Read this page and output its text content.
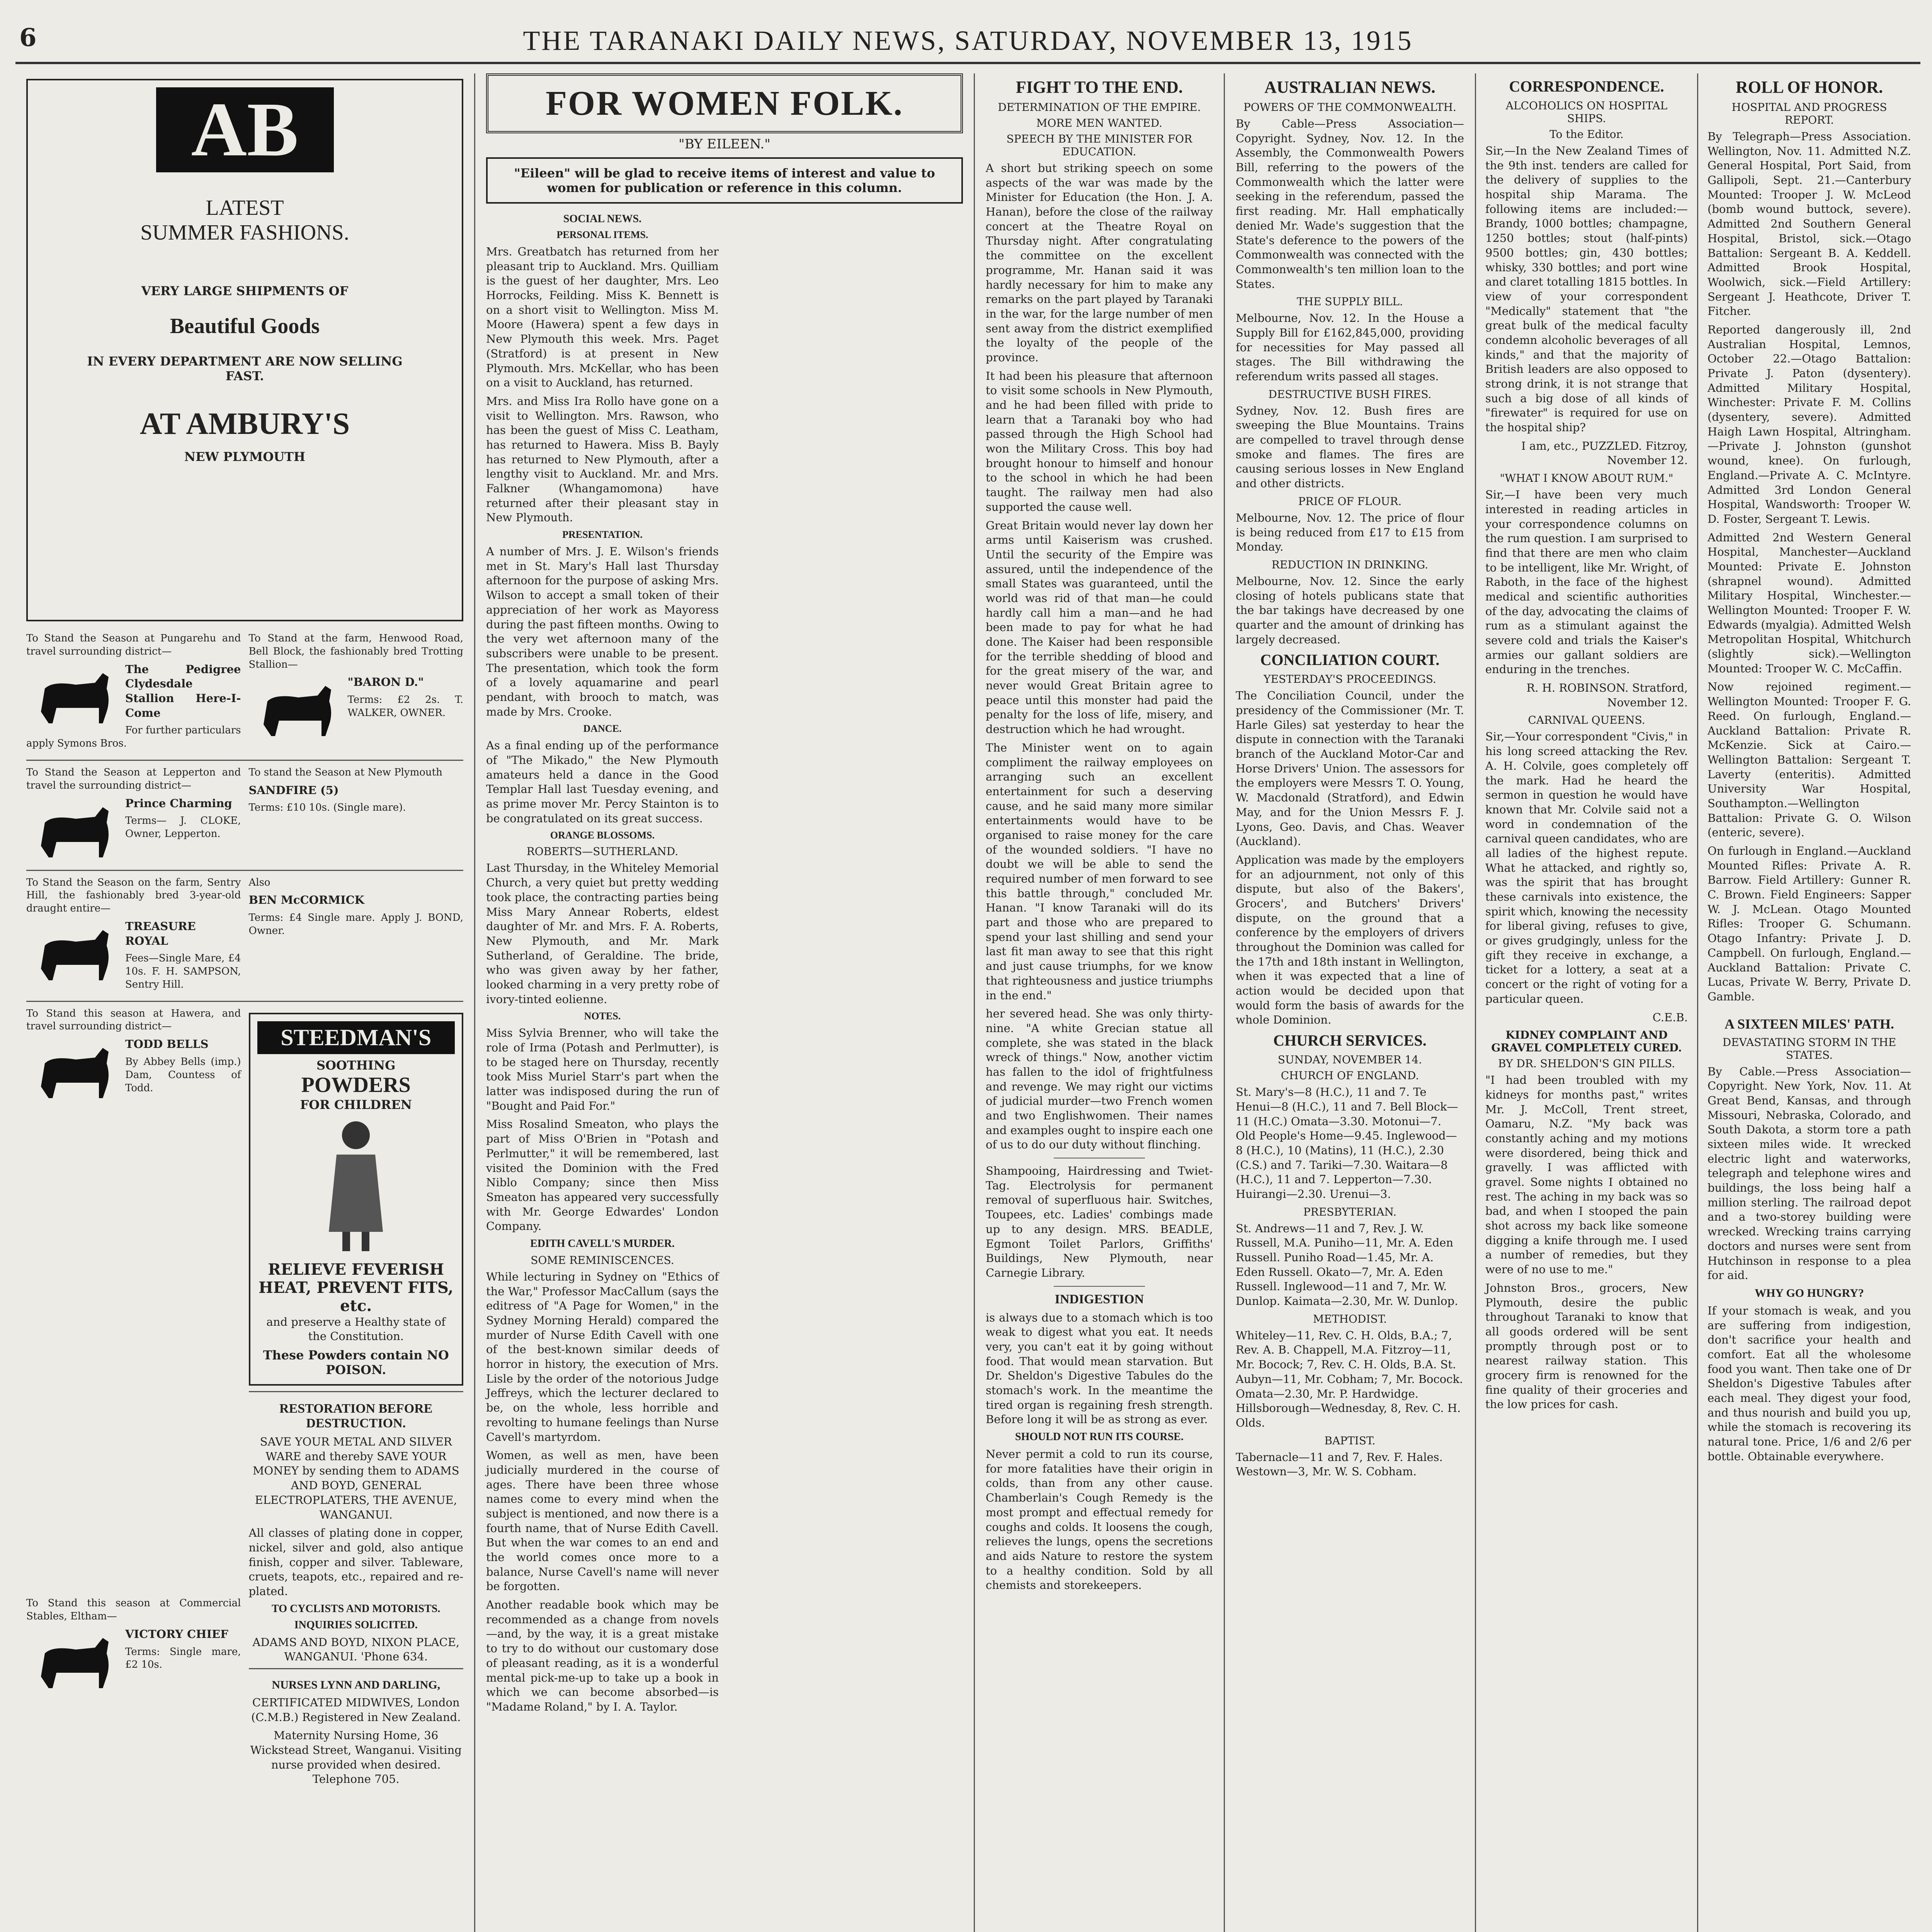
6	THE TARANAKI DAILY NEWS, SATURDAY, NOVEMBER 13, 1915
AB
LATEST
SUMMER FASHIONS.
VERY LARGE SHIPMENTS OF
Beautiful Goods
IN EVERY DEPARTMENT ARE NOW SELLING FAST.
AT AMBURY'S
NEW PLYMOUTH
To Stand the Season at Pungarehu and travel surrounding district—
The Pedigree Clydesdale Stallion Here-I-Come
For further particulars apply Symons Bros.
To Stand at the farm, Henwood Road, Bell Block, the fashionably bred Trotting Stallion—
"BARON D."
Terms: £2 2s. T. WALKER, OWNER.
To Stand the Season at Lepperton and travel the surrounding district—
Prince Charming
Terms— J. CLOKE, Owner, Lepperton.
To stand the Season at New Plymouth
SANDFIRE (5)
Terms: £10 10s. (Single mare).
To Stand the Season on the farm, Sentry Hill, the fashionably bred 3-year-old draught entire—
TREASURE ROYAL
Fees—Single Mare, £4 10s. F. H. SAMPSON, Sentry Hill.
Also
BEN McCORMICK
Terms: £4 Single mare. Apply J. BOND, Owner.
To Stand this season at Hawera, and travel surrounding district—
TODD BELLS
By Abbey Bells (imp.) Dam, Countess of Todd.
To Stand this season at Commercial Stables, Eltham—
VICTORY CHIEF
Terms: Single mare, £2 10s.
STEEDMAN'S
SOOTHING
POWDERS
FOR CHILDREN
RELIEVE FEVERISH HEAT, PREVENT FITS, etc.
and preserve a Healthy state of the Constitution.
These Powders contain NO POISON.
RESTORATION BEFORE DESTRUCTION.
SAVE YOUR METAL AND SILVER WARE and thereby SAVE YOUR MONEY by sending them to ADAMS AND BOYD, GENERAL ELECTROPLATERS, THE AVENUE, WANGANUI.
All classes of plating done in copper, nickel, silver and gold, also antique finish, copper and silver. Tableware, cruets, teapots, etc., repaired and re-plated.
TO CYCLISTS AND MOTORISTS.
INQUIRIES SOLICITED.
ADAMS AND BOYD, NIXON PLACE, WANGANUI. 'Phone 634.
NURSES LYNN AND DARLING,
CERTIFICATED MIDWIVES, London (C.M.B.) Registered in New Zealand.
Maternity Nursing Home, 36 Wickstead Street, Wanganui. Visiting nurse provided when desired. Telephone 705.
FOR WOMEN FOLK.
"BY EILEEN."
"Eileen" will be glad to receive items of interest and value to women for publication or reference in this column.
SOCIAL NEWS.
PERSONAL ITEMS.

Mrs. Greatbatch has returned from her pleasant trip to Auckland. Mrs. Quilliam is the guest of her daughter, Mrs. Leo Horrocks, Feilding. Miss K. Bennett is on a short visit to Wellington. Miss M. Moore (Hawera) spent a few days in New Plymouth this week. Mrs. Paget (Stratford) is at present in New Plymouth. Mrs. McKellar, who has been on a visit to Auckland, has returned.

Mrs. and Miss Ira Rollo have gone on a visit to Wellington. Mrs. Rawson, who has been the guest of Miss C. Leatham, has returned to Hawera. Miss B. Bayly has returned to New Plymouth, after a lengthy visit to Auckland. Mr. and Mrs. Falkner (Whangamomona) have returned after their pleasant stay in New Plymouth.

PRESENTATION.

A number of Mrs. J. E. Wilson's friends met in St. Mary's Hall last Thursday afternoon for the purpose of asking Mrs. Wilson to accept a small token of their appreciation of her work as Mayoress during the past fifteen months. Owing to the very wet afternoon many of the subscribers were unable to be present. The presentation, which took the form of a lovely aquamarine and pearl pendant, with brooch to match, was made by Mrs. Crooke.

DANCE.

As a final ending up of the performance of "The Mikado," the New Plymouth amateurs held a dance in the Good Templar Hall last Tuesday evening, and as prime mover Mr. Percy Stainton is to be congratulated on its great success.

ORANGE BLOSSOMS.
ROBERTS—SUTHERLAND.

Last Thursday, in the Whiteley Memorial Church, a very quiet but pretty wedding took place, the contracting parties being Miss Mary Annear Roberts, eldest daughter of Mr. and Mrs. F. A. Roberts, New Plymouth, and Mr. Mark Sutherland, of Geraldine. The bride, who was given away by her father, looked charming in a very pretty robe of ivory-tinted eolienne.

NOTES.

Miss Sylvia Brenner, who will take the role of Irma (Potash and Perlmutter), is to be staged here on Thursday, recently took Miss Muriel Starr's part when the latter was indisposed during the run of "Bought and Paid For."

Miss Rosalind Smeaton, who plays the part of Miss O'Brien in "Potash and Perlmutter," it will be remembered, last visited the Dominion with the Fred Niblo Company; since then Miss Smeaton has appeared very successfully with Mr. George Edwardes' London Company.

EDITH CAVELL'S MURDER.
SOME REMINISCENCES.

While lecturing in Sydney on "Ethics of the War," Professor MacCallum (says the editress of "A Page for Women," in the Sydney Morning Herald) compared the murder of Nurse Edith Cavell with one of the best-known similar deeds of horror in history, the execution of Mrs. Lisle by the order of the notorious Judge Jeffreys, which the lecturer declared to be, on the whole, less horrible and revolting to humane feelings than Nurse Cavell's martyrdom.

Women, as well as men, have been judicially murdered in the course of ages. There have been three whose names come to every mind when the subject is mentioned, and now there is a fourth name, that of Nurse Edith Cavell. But when the war comes to an end and the world comes once more to a balance, Nurse Cavell's name will never be forgotten.

Another readable book which may be recommended as a change from novels—and, by the way, it is a great mistake to try to do without our customary dose of pleasant reading, as it is a wonderful mental pick-me-up to take up a book in which we can become absorbed—is "Madame Roland," by I. A. Taylor.

FIGHT TO THE END.
DETERMINATION OF THE EMPIRE.
MORE MEN WANTED.
SPEECH BY THE MINISTER FOR EDUCATION.

A short but striking speech on some aspects of the war was made by the Minister for Education (the Hon. J. A. Hanan), before the close of the railway concert at the Theatre Royal on Thursday night. After congratulating the committee on the excellent programme, Mr. Hanan said it was hardly necessary for him to make any remarks on the part played by Taranaki in the war, for the large number of men sent away from the district exemplified the loyalty of the people of the province.

It had been his pleasure that afternoon to visit some schools in New Plymouth, and he had been filled with pride to learn that a Taranaki boy who had passed through the High School had won the Military Cross. This boy had brought honour to himself and honour to the school in which he had been taught. The railway men had also supported the cause well.

Great Britain would never lay down her arms until Kaiserism was crushed. Until the security of the Empire was assured, until the independence of the small States was guaranteed, until the world was rid of that man—he could hardly call him a man—and he had been made to pay for what he had done. The Kaiser had been responsible for the terrible shedding of blood and for the great misery of the war, and never would Great Britain agree to peace until this monster had paid the penalty for the loss of life, misery, and destruction which he had wrought.

The Minister went on to again compliment the railway employees on arranging such an excellent entertainment for such a deserving cause, and he said many more similar entertainments would have to be organised to raise money for the care of the wounded soldiers. "I have no doubt we will be able to send the required number of men forward to see this battle through," concluded Mr. Hanan. "I know Taranaki will do its part and those who are prepared to spend your last shilling and send your last fit man away to see that this right and just cause triumphs, for we know that righteousness and justice triumphs in the end."

her severed head. She was only thirty-nine. "A white Grecian statue all complete, she was stated in the black wreck of things." Now, another victim has fallen to the idol of frightfulness and revenge. We may right our victims of judicial murder—two French women and two Englishwomen. Their names and examples ought to inspire each one of us to do our duty without flinching.

Shampooing, Hairdressing and Twiet-Tag. Electrolysis for permanent removal of superfluous hair. Switches, Toupees, etc. Ladies' combings made up to any design. MRS. BEADLE, Egmont Toilet Parlors, Griffiths' Buildings, New Plymouth, near Carnegie Library.

INDIGESTION

is always due to a stomach which is too weak to digest what you eat. It needs very, you can't eat it by going without food. That would mean starvation. But Dr. Sheldon's Digestive Tabules do the stomach's work. In the meantime the tired organ is regaining fresh strength. Before long it will be as strong as ever.

SHOULD NOT RUN ITS COURSE.

Never permit a cold to run its course, for more fatalities have their origin in colds, than from any other cause. Chamberlain's Cough Remedy is the most prompt and effectual remedy for coughs and colds. It loosens the cough, relieves the lungs, opens the secretions and aids Nature to restore the system to a healthy condition. Sold by all chemists and storekeepers.

AUSTRALIAN NEWS.
POWERS OF THE COMMONWEALTH.

By Cable—Press Association—Copyright. Sydney, Nov. 12. In the Assembly, the Commonwealth Powers Bill, referring to the powers of the Commonwealth which the latter were seeking in the referendum, passed the first reading. Mr. Hall emphatically denied Mr. Wade's suggestion that the State's deference to the powers of the Commonwealth was connected with the Commonwealth's ten million loan to the States.

THE SUPPLY BILL.

Melbourne, Nov. 12. In the House a Supply Bill for £162,845,000, providing for necessities for May passed all stages. The Bill withdrawing the referendum writs passed all stages.

DESTRUCTIVE BUSH FIRES.

Sydney, Nov. 12. Bush fires are sweeping the Blue Mountains. Trains are compelled to travel through dense smoke and flames. The fires are causing serious losses in New England and other districts.

PRICE OF FLOUR.

Melbourne, Nov. 12. The price of flour is being reduced from £17 to £15 from Monday.

REDUCTION IN DRINKING.

Melbourne, Nov. 12. Since the early closing of hotels publicans state that the bar takings have decreased by one quarter and the amount of drinking has largely decreased.

CONCILIATION COURT.
YESTERDAY'S PROCEEDINGS.

The Conciliation Council, under the presidency of the Commissioner (Mr. T. Harle Giles) sat yesterday to hear the dispute in connection with the Taranaki branch of the Auckland Motor-Car and Horse Drivers' Union. The assessors for the employers were Messrs T. O. Young, W. Macdonald (Stratford), and Edwin May, and for the Union Messrs F. J. Lyons, Geo. Davis, and Chas. Weaver (Auckland).

Application was made by the employers for an adjournment, not only of this dispute, but also of the Bakers', Grocers', and Butchers' Drivers' dispute, on the ground that a conference by the employers of drivers throughout the Dominion was called for the 17th and 18th instant in Wellington, when it was expected that a line of action would be decided upon that would form the basis of awards for the whole Dominion.

CHURCH SERVICES.
SUNDAY, NOVEMBER 14.
CHURCH OF ENGLAND.

St. Mary's—8 (H.C.), 11 and 7. Te Henui—8 (H.C.), 11 and 7. Bell Block—11 (H.C.) Omata—3.30. Motonui—7. Old People's Home—9.45. Inglewood—8 (H.C.), 10 (Matins), 11 (H.C.), 2.30 (C.S.) and 7. Tariki—7.30. Waitara—8 (H.C.), 11 and 7. Lepperton—7.30. Huirangi—2.30. Urenui—3.

PRESBYTERIAN.

St. Andrews—11 and 7, Rev. J. W. Russell, M.A. Puniho—11, Mr. A. Eden Russell. Puniho Road—1.45, Mr. A. Eden Russell. Okato—7, Mr. A. Eden Russell. Inglewood—11 and 7, Mr. W. Dunlop. Kaimata—2.30, Mr. W. Dunlop.

METHODIST.

Whiteley—11, Rev. C. H. Olds, B.A.; 7, Rev. A. B. Chappell, M.A. Fitzroy—11, Mr. Bocock; 7, Rev. C. H. Olds, B.A. St. Aubyn—11, Mr. Cobham; 7, Mr. Bocock. Omata—2.30, Mr. P. Hardwidge. Hillsborough—Wednesday, 8, Rev. C. H. Olds.

BAPTIST.

Tabernacle—11 and 7, Rev. F. Hales. Westown—3, Mr. W. S. Cobham.

CORRESPONDENCE.
ALCOHOLICS ON HOSPITAL SHIPS.
To the Editor.

Sir,—In the New Zealand Times of the 9th inst. tenders are called for the delivery of supplies to the hospital ship Marama. The following items are included:—Brandy, 1000 bottles; champagne, 1250 bottles; stout (half-pints) 9500 bottles; gin, 430 bottles; whisky, 330 bottles; and port wine and claret totalling 1815 bottles. In view of your correspondent "Medically" statement that "the great bulk of the medical faculty condemn alcoholic beverages of all kinds," and that the majority of British leaders are also opposed to strong drink, it is not strange that such a big dose of all kinds of "firewater" is required for use on the hospital ship?

I am, etc., PUZZLED. Fitzroy, November 12.

"WHAT I KNOW ABOUT RUM."

Sir,—I have been very much interested in reading articles in your correspondence columns on the rum question. I am surprised to find that there are men who claim to be intelligent, like Mr. Wright, of Raboth, in the face of the highest medical and scientific authorities of the day, advocating the claims of rum as a stimulant against the severe cold and trials the Kaiser's armies our gallant soldiers are enduring in the trenches.

R. H. ROBINSON. Stratford, November 12.

CARNIVAL QUEENS.

Sir,—Your correspondent "Civis," in his long screed attacking the Rev. A. H. Colvile, goes completely off the mark. Had he heard the sermon in question he would have known that Mr. Colvile said not a word in condemnation of the carnival queen candidates, who are all ladies of the highest repute. What he attacked, and rightly so, was the spirit that has brought these carnivals into existence, the spirit which, knowing the necessity for liberal giving, refuses to give, or gives grudgingly, unless for the gift they receive in exchange, a ticket for a lottery, a seat at a concert or the right of voting for a particular queen.

C.E.B.

KIDNEY COMPLAINT AND GRAVEL COMPLETELY CURED.
BY DR. SHELDON'S GIN PILLS.

"I had been troubled with my kidneys for months past," writes Mr. J. McColl, Trent street, Oamaru, N.Z. "My back was constantly aching and my motions were disordered, being thick and gravelly. I was afflicted with gravel. Some nights I obtained no rest. The aching in my back was so bad, and when I stooped the pain shot across my back like someone digging a knife through me. I used a number of remedies, but they were of no use to me."

Johnston Bros., grocers, New Plymouth, desire the public throughout Taranaki to know that all goods ordered will be sent promptly through post or to nearest railway station. This grocery firm is renowned for the fine quality of their groceries and the low prices for cash.

ROLL OF HONOR.
HOSPITAL AND PROGRESS REPORT.

By Telegraph—Press Association. Wellington, Nov. 11. Admitted N.Z. General Hospital, Port Said, from Gallipoli, Sept. 21.—Canterbury Mounted: Trooper J. W. McLeod (bomb wound buttock, severe). Admitted 2nd Southern General Hospital, Bristol, sick.—Otago Battalion: Sergeant B. A. Keddell. Admitted Brook Hospital, Woolwich, sick.—Field Artillery: Sergeant J. Heathcote, Driver T. Fitcher.

Reported dangerously ill, 2nd Australian Hospital, Lemnos, October 22.—Otago Battalion: Private J. Paton (dysentery). Admitted Military Hospital, Winchester: Private F. M. Collins (dysentery, severe). Admitted Haigh Lawn Hospital, Altringham.—Private J. Johnston (gunshot wound, knee). On furlough, England.—Private A. C. McIntyre. Admitted 3rd London General Hospital, Wandsworth: Trooper W. D. Foster, Sergeant T. Lewis.

Admitted 2nd Western General Hospital, Manchester—Auckland Mounted: Private E. Johnston (shrapnel wound). Admitted Military Hospital, Winchester.—Wellington Mounted: Trooper F. W. Edwards (myalgia). Admitted Welsh Metropolitan Hospital, Whitchurch (slightly sick).—Wellington Mounted: Trooper W. C. McCaffin.

Now rejoined regiment.—Wellington Mounted: Trooper F. G. Reed. On furlough, England.—Auckland Battalion: Private R. McKenzie. Sick at Cairo.—Wellington Battalion: Sergeant T. Laverty (enteritis). Admitted University War Hospital, Southampton.—Wellington Battalion: Private G. O. Wilson (enteric, severe).

On furlough in England.—Auckland Mounted Rifles: Private A. R. Barrow. Field Artillery: Gunner R. C. Brown. Field Engineers: Sapper W. J. McLean. Otago Mounted Rifles: Trooper G. Schumann. Otago Infantry: Private J. D. Campbell. On furlough, England.—Auckland Battalion: Private C. Lucas, Private W. Berry, Private D. Gamble.

A SIXTEEN MILES' PATH.
DEVASTATING STORM IN THE STATES.

By Cable.—Press Association—Copyright. New York, Nov. 11. At Great Bend, Kansas, and through Missouri, Nebraska, Colorado, and South Dakota, a storm tore a path sixteen miles wide. It wrecked electric light and waterworks, telegraph and telephone wires and buildings, the loss being half a million sterling. The railroad depot and a two-storey building were wrecked. Wrecking trains carrying doctors and nurses were sent from Hutchinson in response to a plea for aid.

WHY GO HUNGRY?

If your stomach is weak, and you are suffering from indigestion, don't sacrifice your health and comfort. Eat all the wholesome food you want. Then take one of Dr Sheldon's Digestive Tabules after each meal. They digest your food, and thus nourish and build you up, while the stomach is recovering its natural tone. Price, 1/6 and 2/6 per bottle. Obtainable everywhere.
